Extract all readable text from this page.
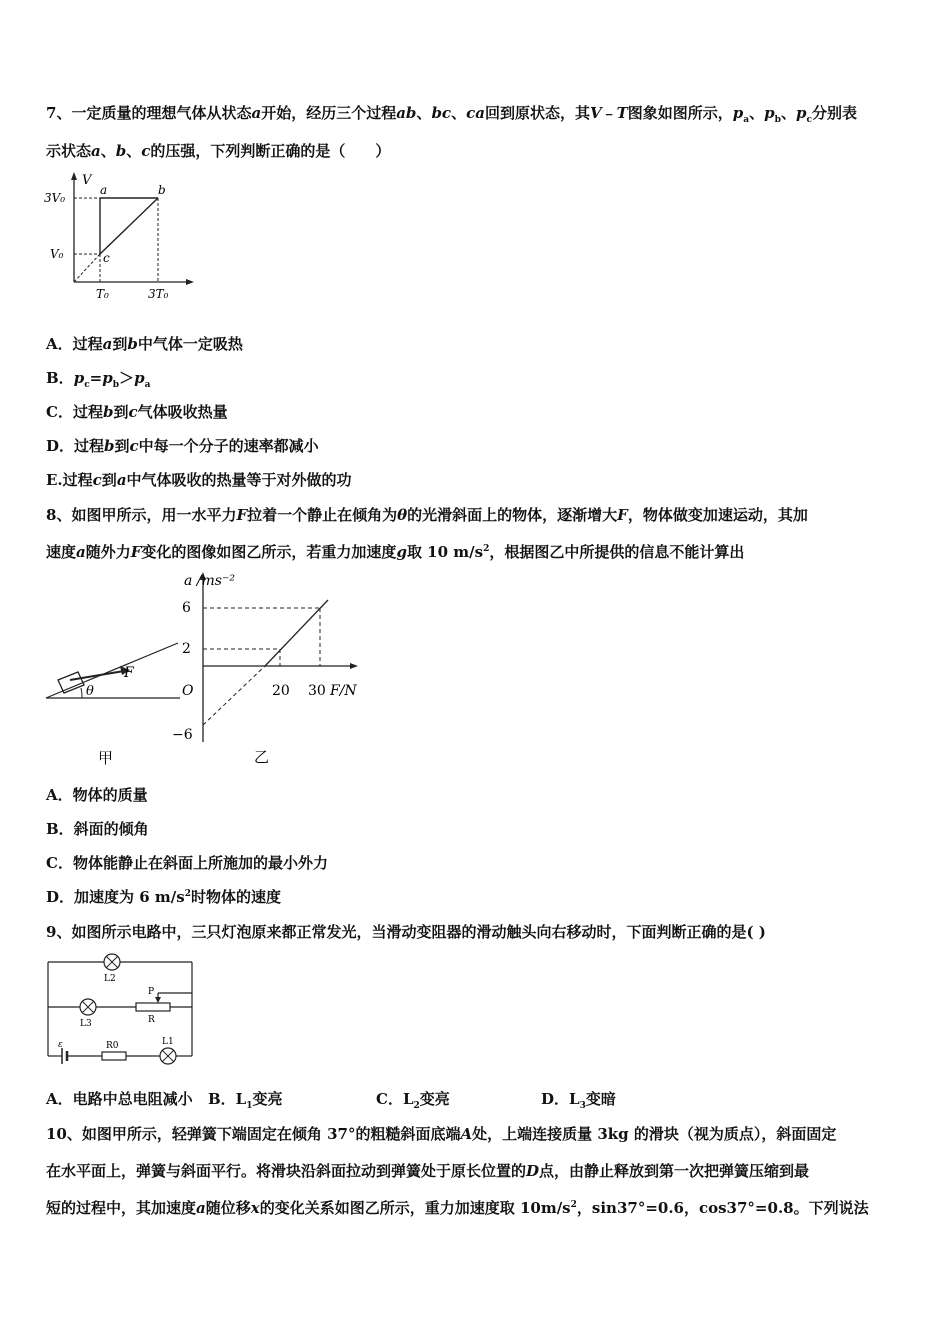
7、一定质量的理想气体从状态a开始，经历三个过程ab、bc、ca回到原状态，其V﹣T图象如图所示，$p_a$、$p_b$、$p_c$分别表
示状态a、b、c的压强，下列判断正确的是（　　）
V
3V₀
V₀
T₀	3T₀
a	b
c
A．过程a到b中气体一定吸热
B．$p_c=p_b>p_a$
C．过程b到c气体吸收热量
D．过程b到c中每一个分子的速率都减小
E.过程c到a中气体吸收的热量等于对外做的功
8、如图甲所示，用一水平力F拉着一个静止在倾角为θ的光滑斜面上的物体，逐渐增大F，物体做变加速运动，其加
速度a随外力F变化的图像如图乙所示，若重力加速度g取 10 $m/s^2$，根据图乙中所提供的信息不能计算出
F
θ
甲
a /ms⁻²
6
2
O
−6
20 30 F/N
乙
A．物体的质量
B．斜面的倾角
C．物体能静止在斜面上所施加的最小外力
D．加速度为 6 $m/s^2$时物体的速度
9、如图所示电路中，三只灯泡原来都正常发光，当滑动变阻器的滑动触头向右移动时，下面判断正确的是( )
L2
L3	R
P
ε	R0	L1
A．电路中总电阻减小 B．$L_1$变亮	C．$L_2$变亮	D．$L_3$变暗
10、如图甲所示，轻弹簧下端固定在倾角 37°的粗糙斜面底端A处，上端连接质量 3kg 的滑块（视为质点），斜面固定
在水平面上，弹簧与斜面平行。将滑块沿斜面拉动到弹簧处于原长位置的D点，由静止释放到第一次把弹簧压缩到最
短的过程中，其加速度a随位移x的变化关系如图乙所示，重力加速度取 $10m/s^2$，sin37°=0.6，cos37°=0.8。下列说法
